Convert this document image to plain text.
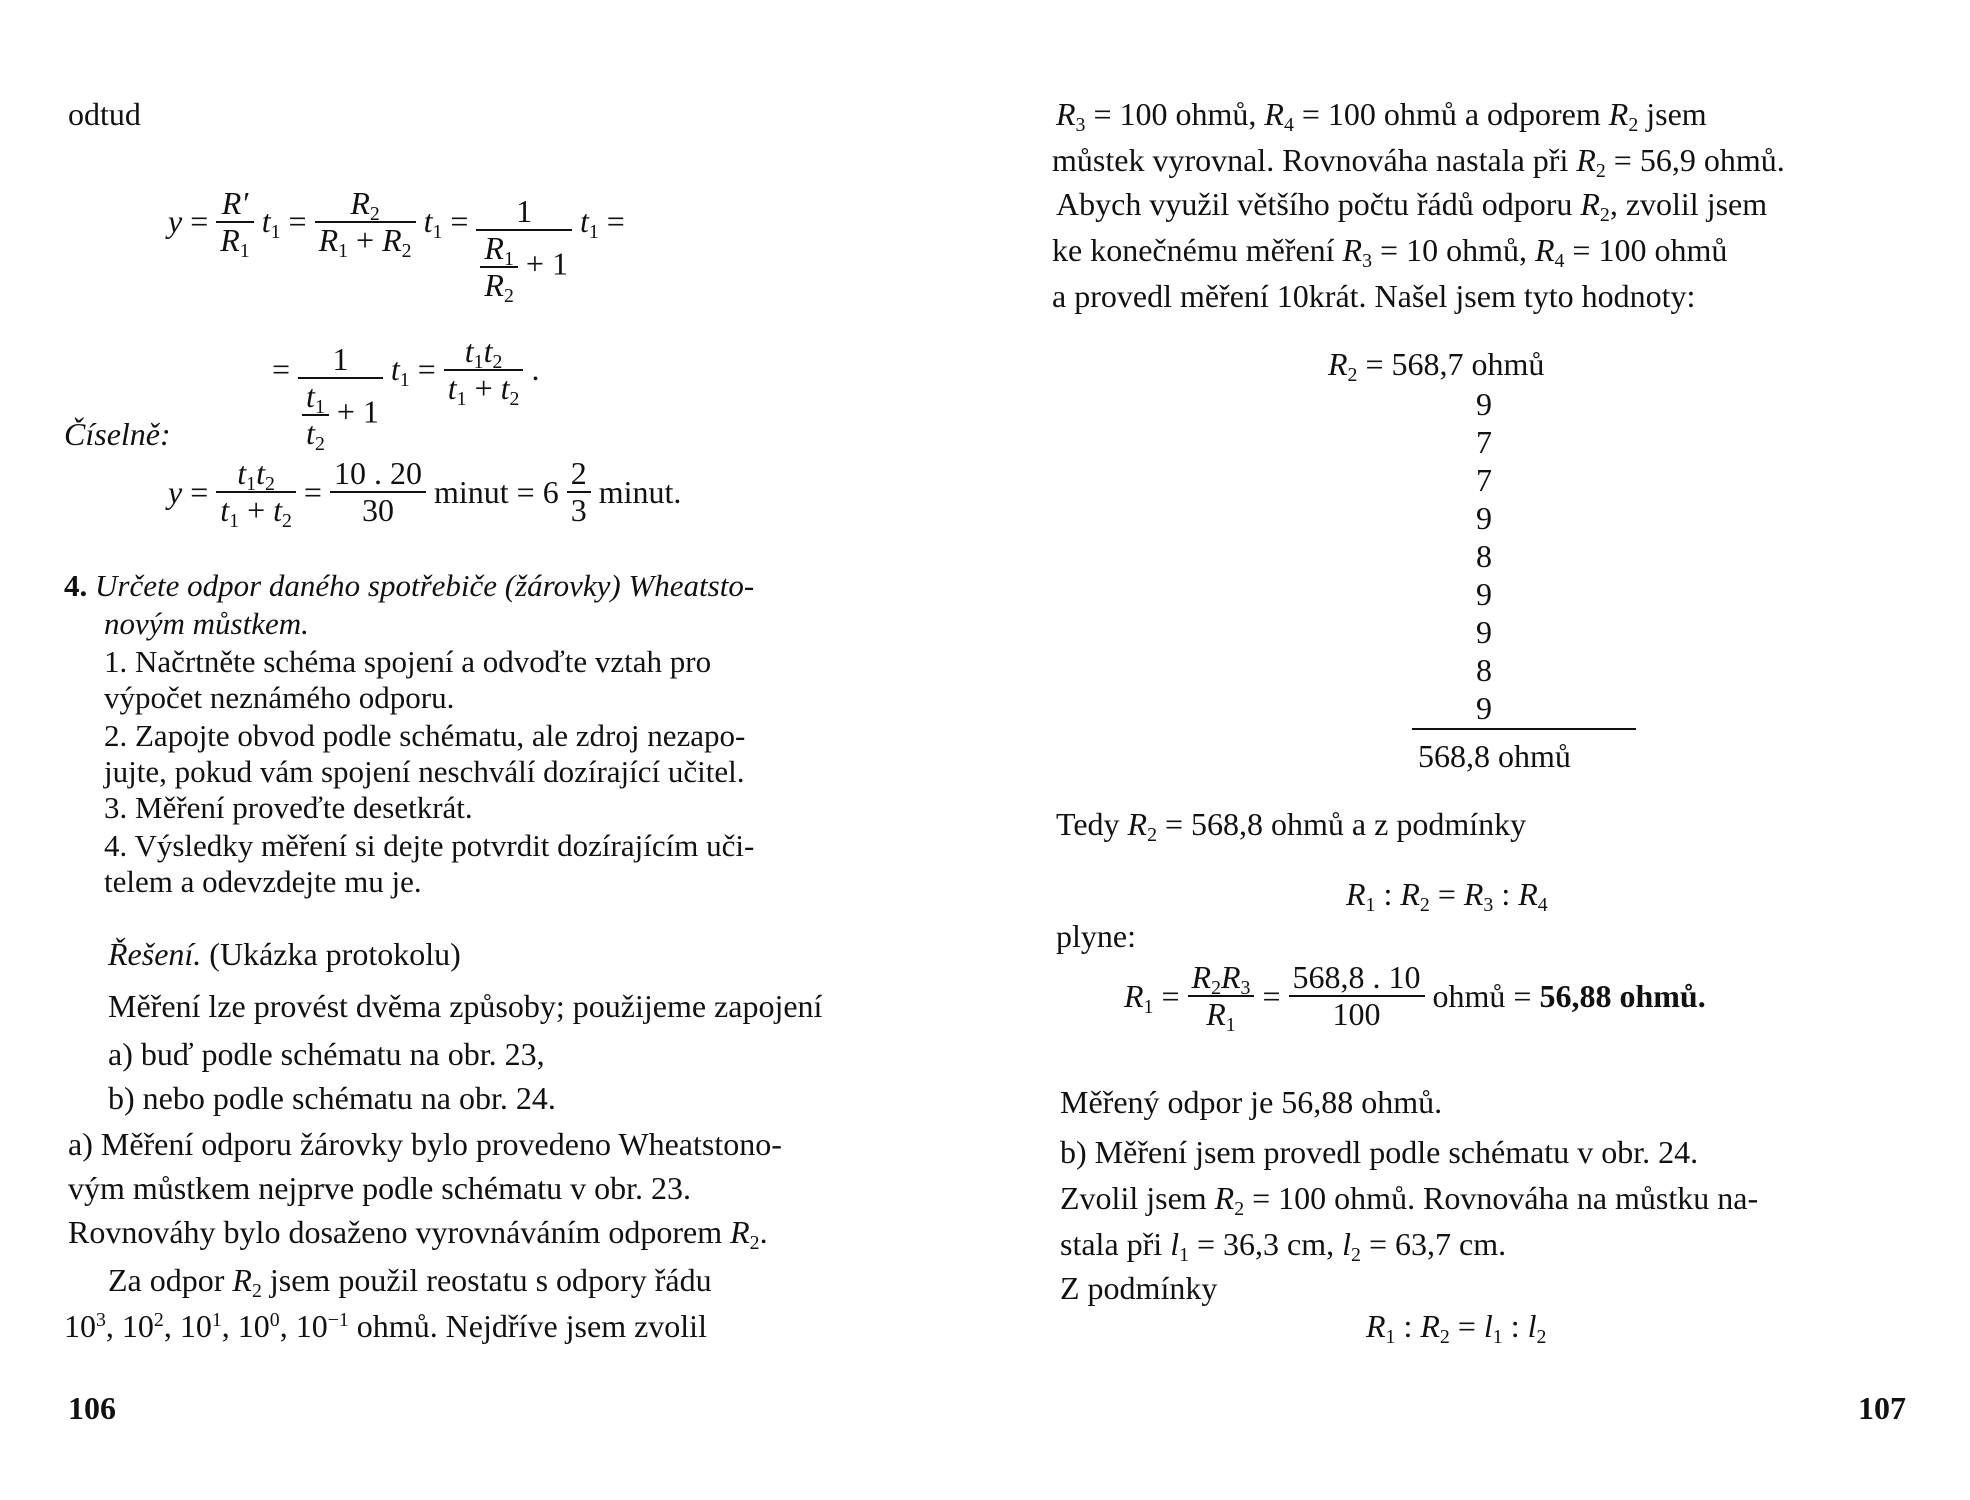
odtud
$y = \frac{R'}{R_1} t_1 = \frac{R_2}{R_1 + R_2} t_1 = \frac{1}{\frac{R_1}{R_2} + 1} t_1$ =
= $\frac{1}{\frac{t_1}{t_2} + 1} t_1 = \frac{t_1t_2}{t_1 + t_2}$ .
Číselně:
$y = \frac{t_1t_2}{t_1 + t_2} = \frac{10 . 20}{30}$ minut = $6 \frac{2}{3}$ minut.
4. Určete odpor daného spotřebiče (žárovky) Wheatsto-
novým můstkem.
1. Načrtněte schéma spojení a odvoďte vztah pro
výpočet neznámého odporu.
2. Zapojte obvod podle schématu, ale zdroj nezapo-
jujte, pokud vám spojení neschválí dozírající učitel.
3. Měření proveďte desetkrát.
4. Výsledky měření si dejte potvrdit dozírajícím uči-
telem a odevzdejte mu je.
Řešení. (Ukázka protokolu)
Měření lze provést dvěma způsoby; použijeme zapojení
a) buď podle schématu na obr. 23,
b) nebo podle schématu na obr. 24.
a) Měření odporu žárovky bylo provedeno Wheatstono-
vým můstkem nejprve podle schématu v obr. 23.
Rovnováhy bylo dosaženo vyrovnáváním odporem $R_2$.
Za odpor $R_2$ jsem použil reostatu s odpory řádu
$10^3$, $10^2$, $10^1$, $10^0$, $10^{-1}$ ohmů. Nejdříve jsem zvolil
106
$R_3 = 100$ ohmů, $R_4 = 100$ ohmů a odporem $R_2$ jsem
můstek vyrovnal. Rovnováha nastala při $R_2 = 56,9$ ohmů.
Abych využil většího počtu řádů odporu $R_2$, zvolil jsem
ke konečnému měření $R_3 = 10$ ohmů, $R_4 = 100$ ohmů
a provedl měření 10krát. Našel jsem tyto hodnoty:
$R_2 = 568,7$ ohmů
9
7
7
9
8
9
9
8
9
568,8 ohmů
Tedy $R_2 = 568,8$ ohmů a z podmínky
$R_1$ : $R_2 = R_3$ : $R_4$
plyne:
$R_1 = \frac{R_2R_3}{R_1} = \frac{568,8 . 10}{100}$ ohmů = 56,88 ohmů.
Měřený odpor je 56,88 ohmů.
b) Měření jsem provedl podle schématu v obr. 24.
Zvolil jsem $R_2 = 100$ ohmů. Rovnováha na můstku na-
stala při $l_1 = 36,3$ cm, $l_2 = 63,7$ cm.
Z podmínky
$R_1$ : $R_2 = l_1$ : $l_2$
107
